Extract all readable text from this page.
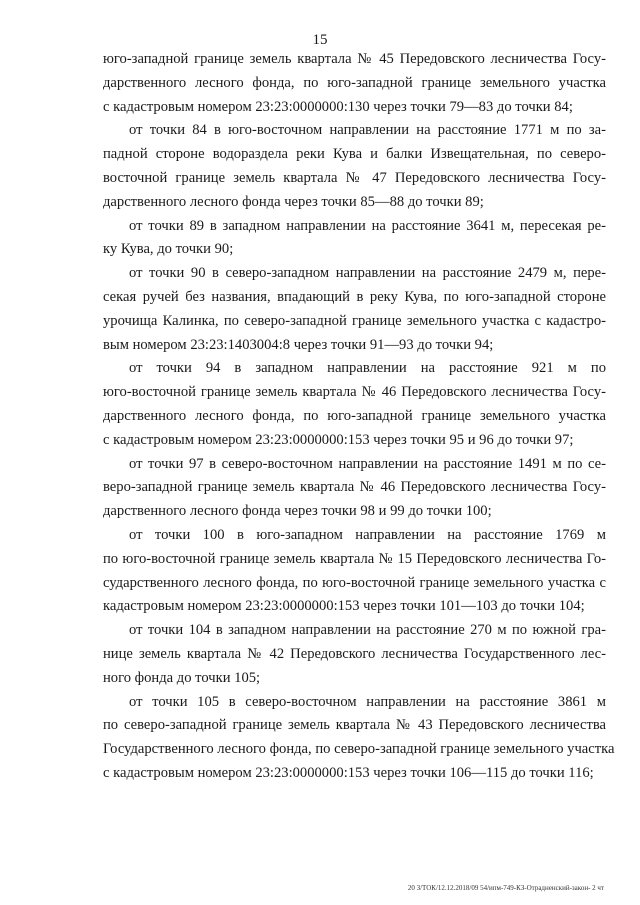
15

юго-западной границе земель квартала № 45 Передовского лесничества Госу-
дарственного лесного фонда, по юго-западной границе земельного участка
с кадастровым номером 23:23:0000000:130 через точки 79—83 до точки 84;

от точки 84 в юго-восточном направлении на расстояние 1771 м по за-
падной стороне водораздела реки Кува и балки Извещательная, по северо-
восточной границе земель квартала № 47 Передовского лесничества Госу-
дарственного лесного фонда через точки 85—88 до точки 89;

от точки 89 в западном направлении на расстояние 3641 м, пересекая ре-
ку Кува, до точки 90;

от точки 90 в северо-западном направлении на расстояние 2479 м, пере-
секая ручей без названия, впадающий в реку Кува, по юго-западной стороне
урочища Калинка, по северо-западной границе земельного участка с кадастро-
вым номером 23:23:1403004:8 через точки 91—93 до точки 94;

от точки 94 в западном направлении на расстояние 921 м по
юго-восточной границе земель квартала № 46 Передовского лесничества Госу-
дарственного лесного фонда, по юго-западной границе земельного участка
с кадастровым номером 23:23:0000000:153 через точки 95 и 96 до точки 97;

от точки 97 в северо-восточном направлении на расстояние 1491 м по се-
веро-западной границе земель квартала № 46 Передовского лесничества Госу-
дарственного лесного фонда через точки 98 и 99 до точки 100;

от точки 100 в юго-западном направлении на расстояние 1769 м
по юго-восточной границе земель квартала № 15 Передовского лесничества Го-
сударственного лесного фонда, по юго-восточной границе земельного участка с
кадастровым номером 23:23:0000000:153 через точки 101—103 до точки 104;

от точки 104 в западном направлении на расстояние 270 м по южной гра-
нице земель квартала № 42 Передовского лесничества Государственного лес-
ного фонда до точки 105;

от точки 105 в северо-восточном направлении на расстояние 3861 м
по северо-западной границе земель квартала № 43 Передовского лесничества
Государственного лесного фонда, по северо-западной границе земельного участка
с кадастровым номером 23:23:0000000:153 через точки 106—115 до точки 116;

20 З/ТОК/12.12.2018/09 54/ипм-749-КЗ-Отрадненский-закон- 2 чт
